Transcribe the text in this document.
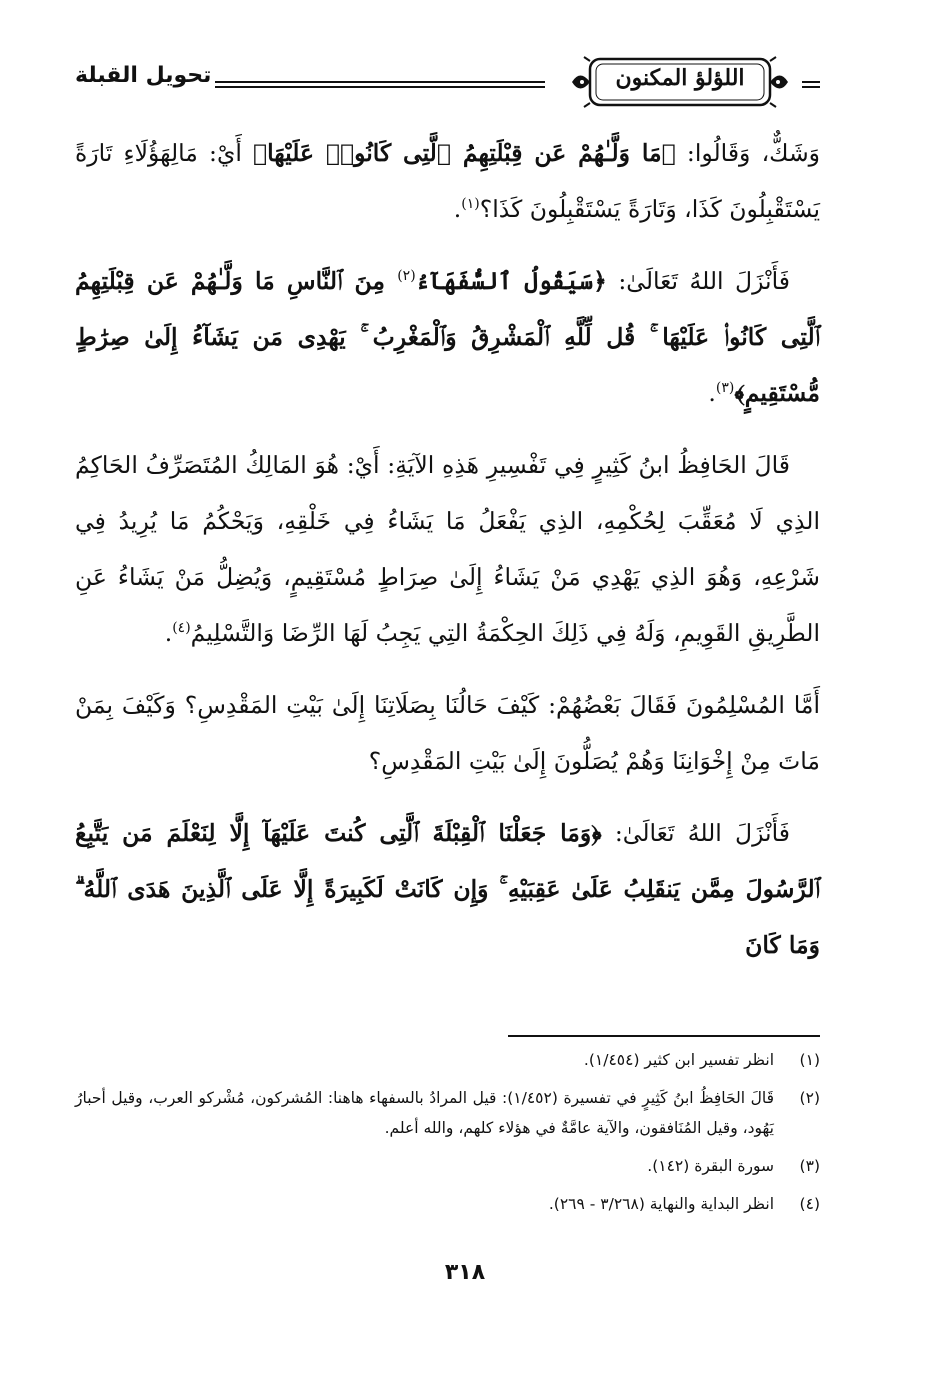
اللؤلؤ المكنون
تحويل القبلة

وَشَكٌّ، وَقَالُوا: ﴿مَا وَلَّـٰهُمْ عَن قِبْلَتِهِمُ ٱلَّتِى كَانُوا۟ عَلَيْهَا﴾ أَيْ: مَالِهَؤُلَاءِ تَارَةً يَسْتَقْبِلُونَ كَذَا، وَتَارَةً يَسْتَقْبِلُونَ كَذَا؟$^{(١)}$.

فَأَنْزَلَ اللهُ تَعَالَىٰ: ﴿سَيَقُولُ ٱلسُّفَهَآءُ$^{(٢)}$ مِنَ ٱلنَّاسِ مَا وَلَّـٰهُمْ عَن قِبْلَتِهِمُ ٱلَّتِى كَانُوا۟ عَلَيْهَا ۚ قُل لِّلَّهِ ٱلْمَشْرِقُ وَٱلْمَغْرِبُ ۚ يَهْدِى مَن يَشَآءُ إِلَىٰ صِرَٰطٍ مُّسْتَقِيمٍ﴾$^{(٣)}$.

قَالَ الحَافِظُ ابنُ كَثِيرٍ فِي تَفْسِيرِ هَذِهِ الآيَةِ: أَيْ: هُوَ المَالِكُ المُتَصَرِّفُ الحَاكِمُ الذِي لَا مُعَقِّبَ لِحُكْمِهِ، الذِي يَفْعَلُ مَا يَشَاءُ فِي خَلْقِهِ، وَيَحْكُمُ مَا يُرِيدُ فِي شَرْعِهِ، وَهُوَ الذِي يَهْدِي مَنْ يَشَاءُ إِلَىٰ صِرَاطٍ مُسْتَقِيمٍ، وَيُضِلُّ مَنْ يَشَاءُ عَنِ الطَّرِيقِ القَوِيمِ، وَلَهُ فِي ذَلِكَ الحِكْمَةُ التِي يَجِبُ لَهَا الرِّضَا وَالتَّسْلِيمُ$^{(٤)}$.

أَمَّا المُسْلِمُونَ فَقَالَ بَعْضُهُمْ: كَيْفَ حَالُنَا بِصَلَاتِنَا إِلَىٰ بَيْتِ المَقْدِسِ؟ وَكَيْفَ بِمَنْ مَاتَ مِنْ إِخْوَانِنَا وَهُمْ يُصَلُّونَ إِلَىٰ بَيْتِ المَقْدِسِ؟

فَأَنْزَلَ اللهُ تَعَالَىٰ: ﴿وَمَا جَعَلْنَا ٱلْقِبْلَةَ ٱلَّتِى كُنتَ عَلَيْهَآ إِلَّا لِنَعْلَمَ مَن يَتَّبِعُ ٱلرَّسُولَ مِمَّن يَنقَلِبُ عَلَىٰ عَقِبَيْهِ ۚ وَإِن كَانَتْ لَكَبِيرَةً إِلَّا عَلَى ٱلَّذِينَ هَدَى ٱللَّهُ ۗ وَمَا كَانَ

(١)
انظر تفسير ابن كثير (١/٤٥٤).
(٢)
قَالَ الحَافِظُ ابنُ كَثِيرٍ في تفسيرة (١/٤٥٢): قيل المرادُ بالسفهاء هاهنا: المُشركون، مُشْركو العرب، وقيل أحبارُ يَهُود، وقيل المُنَافقون، والآية عامَّةٌ في هؤلاء كلهم، والله أعلم.
(٣)
سورة البقرة (١٤٢).
(٤)
انظر البداية والنهاية (٣/٢٦٨ - ٢٦٩).
٣١٨
